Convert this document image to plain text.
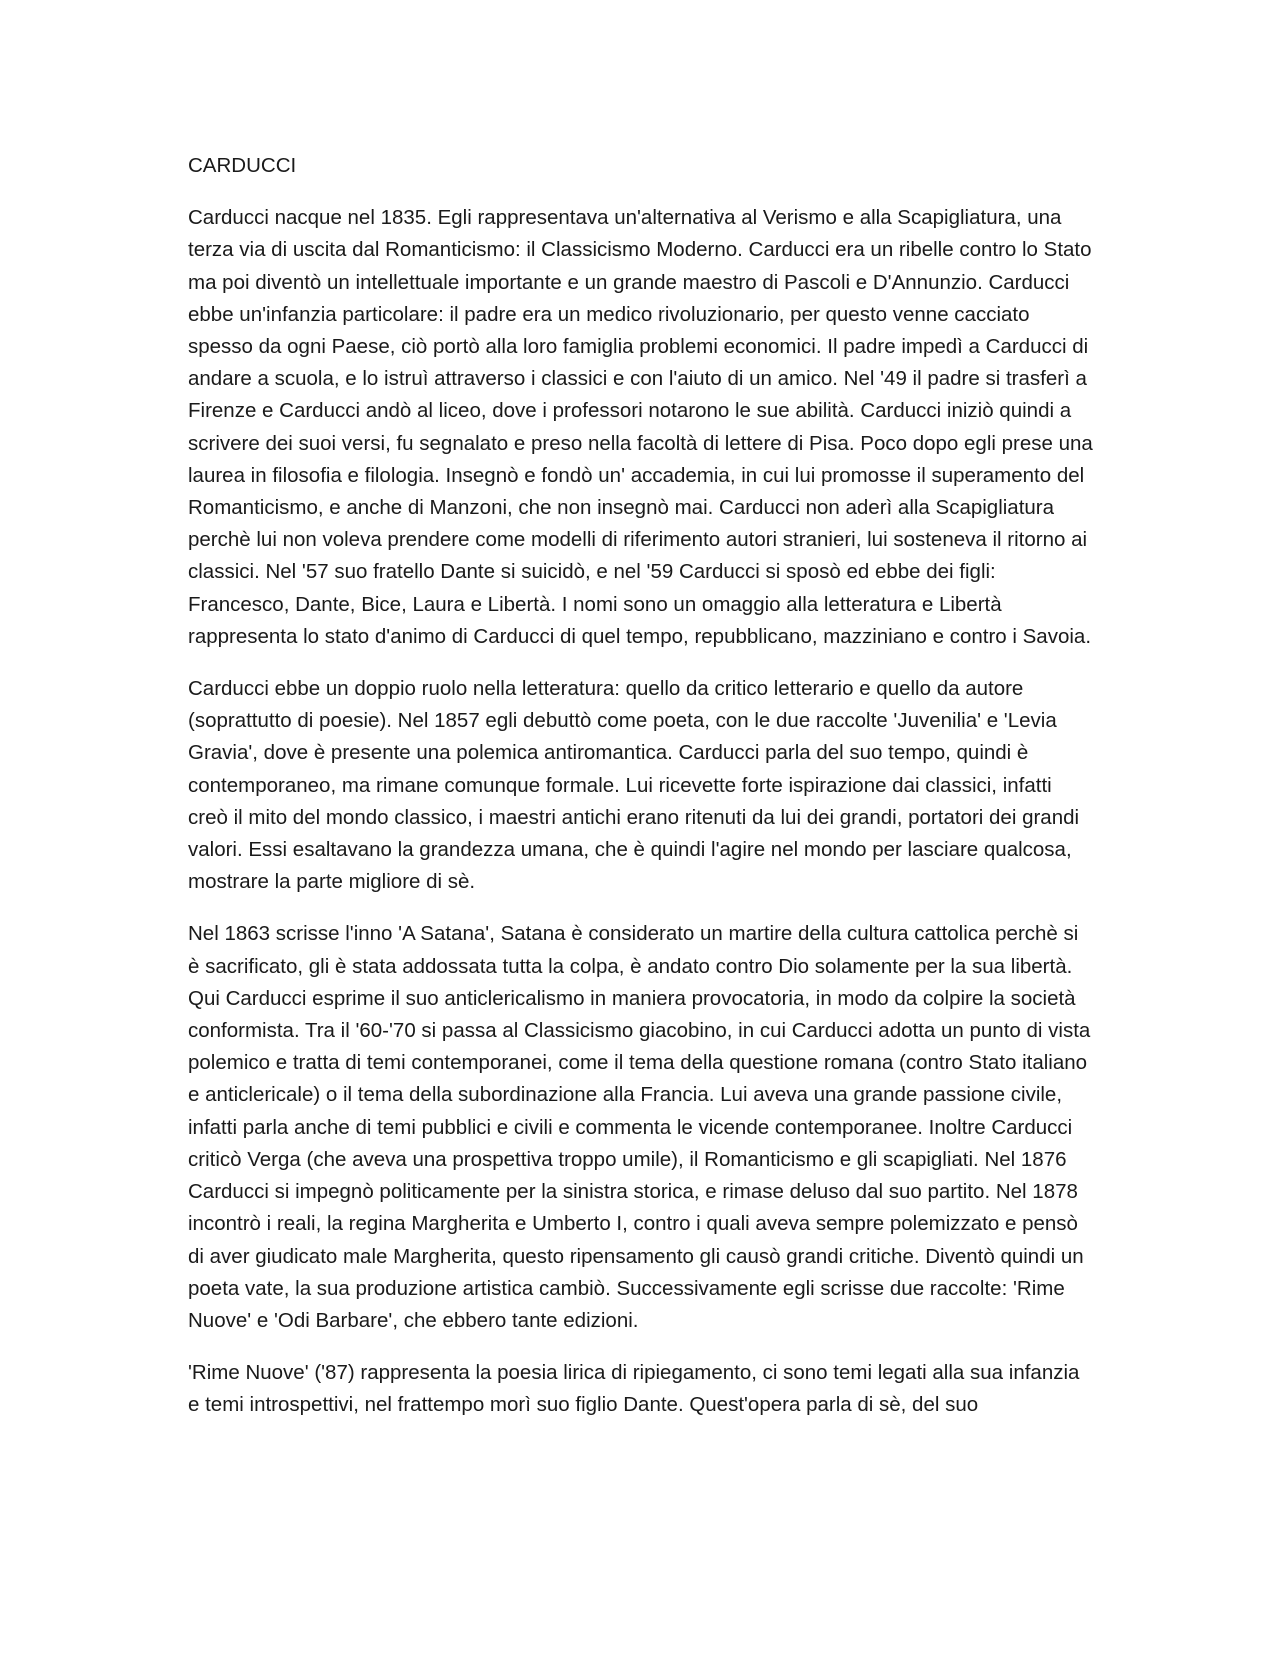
CARDUCCI

Carducci nacque nel 1835. Egli rappresentava un'alternativa al Verismo e alla Scapigliatura, una terza via di uscita dal Romanticismo: il Classicismo Moderno. Carducci era un ribelle contro lo Stato ma poi diventò un intellettuale importante e un grande maestro di Pascoli e D'Annunzio. Carducci ebbe un'infanzia particolare: il padre era un medico rivoluzionario, per questo venne cacciato spesso da ogni Paese, ciò portò alla loro famiglia problemi economici. Il padre impedì a Carducci di andare a scuola, e lo istruì attraverso i classici e con l'aiuto di un amico. Nel '49 il padre si trasferì a Firenze e Carducci andò al liceo, dove i professori notarono le sue abilità. Carducci iniziò quindi a scrivere dei suoi versi, fu segnalato e preso nella facoltà di lettere di Pisa. Poco dopo egli prese una laurea in filosofia e filologia. Insegnò e fondò un' accademia, in cui lui promosse il superamento del Romanticismo, e anche di Manzoni, che non insegnò mai. Carducci non aderì alla Scapigliatura perchè lui non voleva prendere come modelli di riferimento autori stranieri, lui sosteneva il ritorno ai classici. Nel '57 suo fratello Dante si suicidò, e nel '59 Carducci si sposò ed ebbe dei figli: Francesco, Dante, Bice, Laura e Libertà. I nomi sono un omaggio alla letteratura e Libertà rappresenta lo stato d'animo di Carducci di quel tempo, repubblicano, mazziniano e contro i Savoia.

Carducci ebbe un doppio ruolo nella letteratura: quello da critico letterario e quello da autore (soprattutto di poesie). Nel 1857 egli debuttò come poeta, con le due raccolte 'Juvenilia' e 'Levia Gravia', dove è presente una polemica antiromantica. Carducci parla del suo tempo, quindi è contemporaneo, ma rimane comunque formale. Lui ricevette forte ispirazione dai classici, infatti creò il mito del mondo classico, i maestri antichi erano ritenuti da lui dei grandi, portatori dei grandi valori. Essi esaltavano la grandezza umana, che è quindi l'agire nel mondo per lasciare qualcosa, mostrare la parte migliore di sè.

Nel 1863 scrisse l'inno 'A Satana', Satana è considerato un martire della cultura cattolica perchè si è sacrificato, gli è stata addossata tutta la colpa, è andato contro Dio solamente per la sua libertà. Qui Carducci esprime il suo anticlericalismo in maniera provocatoria, in modo da colpire la società conformista. Tra il '60-'70 si passa al Classicismo giacobino, in cui Carducci adotta un punto di vista polemico e tratta di temi contemporanei, come il tema della questione romana (contro Stato italiano e anticlericale) o il tema della subordinazione alla Francia. Lui aveva una grande passione civile, infatti parla anche di temi pubblici e civili e commenta le vicende contemporanee. Inoltre Carducci criticò Verga (che aveva una prospettiva troppo umile), il Romanticismo e gli scapigliati. Nel 1876 Carducci si impegnò politicamente per la sinistra storica, e rimase deluso dal suo partito. Nel 1878 incontrò i reali, la regina Margherita e Umberto I, contro i quali aveva sempre polemizzato e pensò di aver giudicato male Margherita, questo ripensamento gli causò grandi critiche. Diventò quindi un poeta vate, la sua produzione artistica cambiò. Successivamente egli scrisse due raccolte: 'Rime Nuove' e 'Odi Barbare', che ebbero tante edizioni.

'Rime Nuove' ('87) rappresenta la poesia lirica di ripiegamento, ci sono temi legati alla sua infanzia e temi introspettivi, nel frattempo morì suo figlio Dante. Quest'opera parla di sè, del suo
